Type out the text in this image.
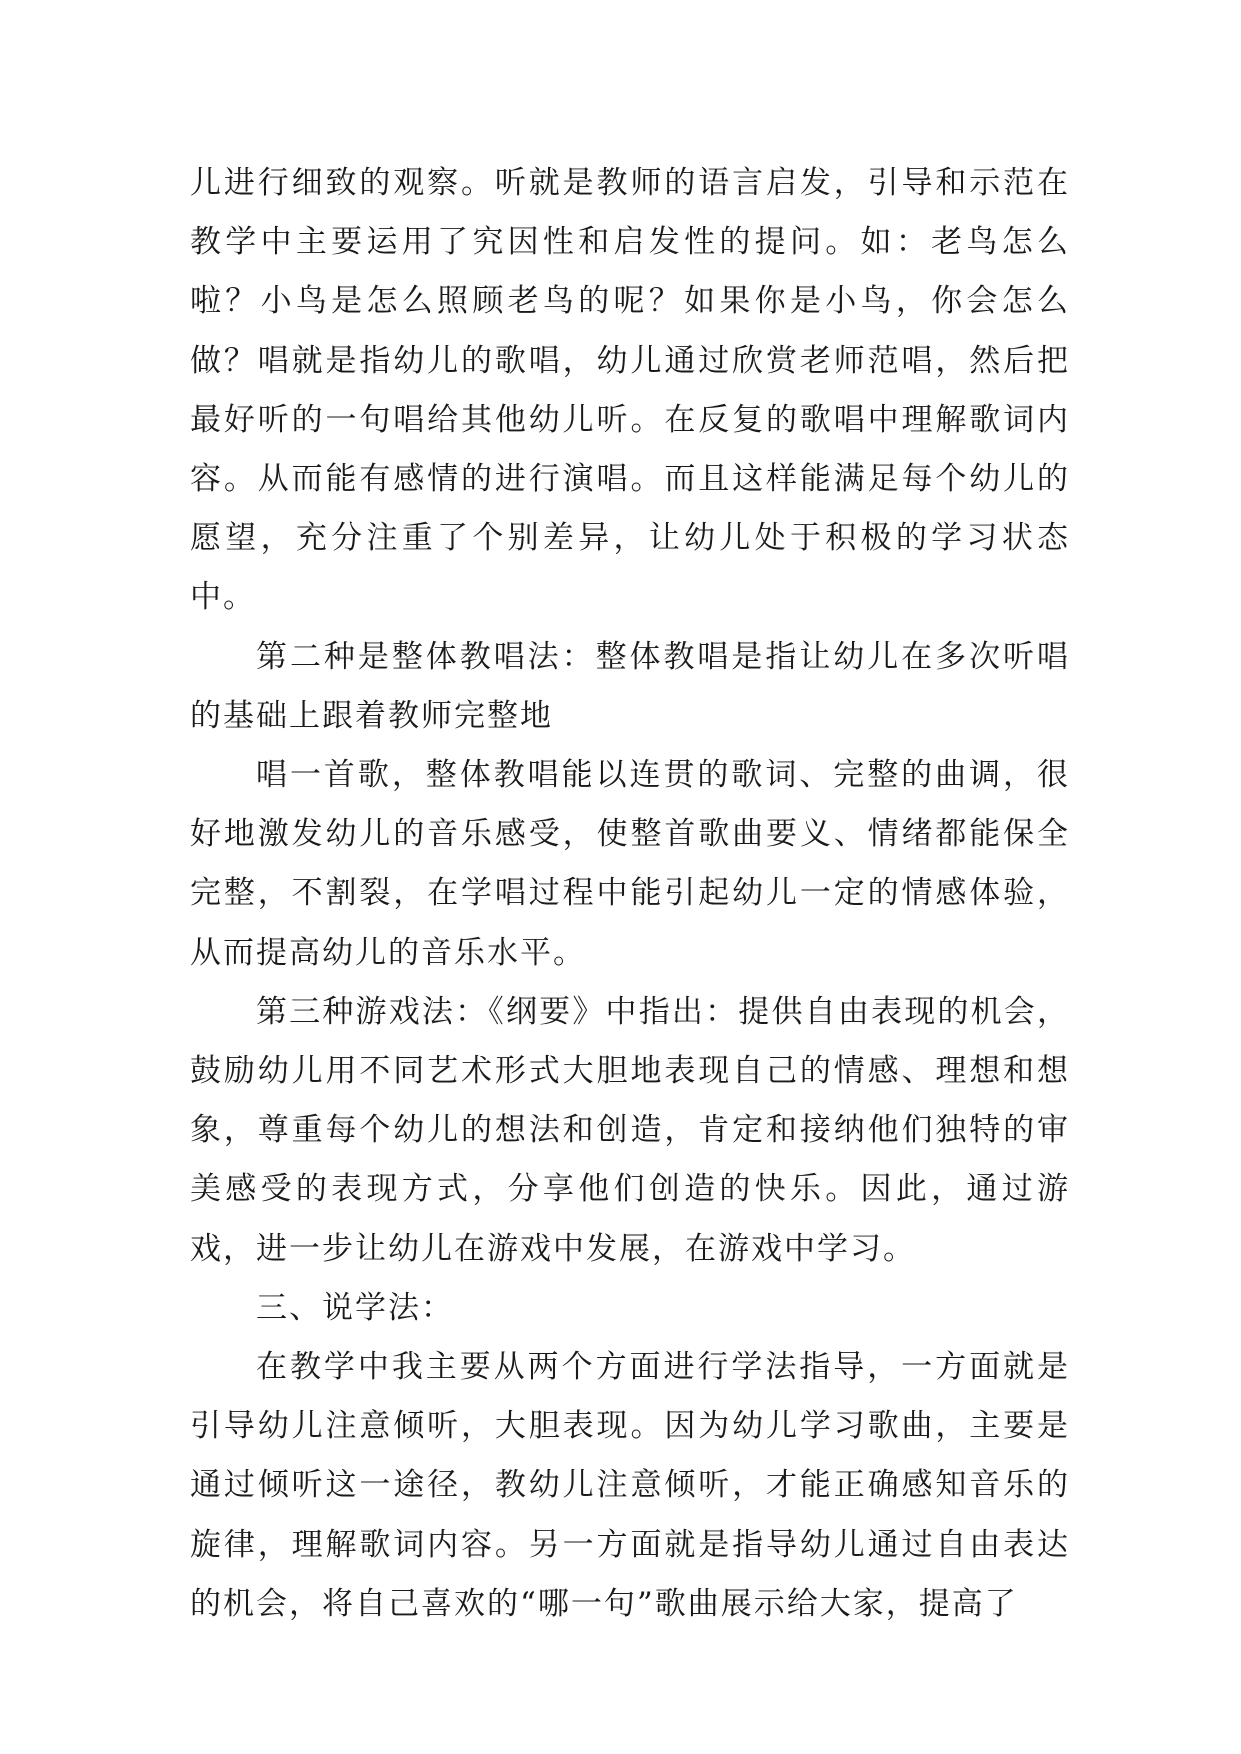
儿进行细致的观察。听就是教师的语言启发，引导和示范在教学中主要运用了究因性和启发性的提问。如：老鸟怎么啦？小鸟是怎么照顾老鸟的呢？如果你是小鸟，你会怎么做？唱就是指幼儿的歌唱，幼儿通过欣赏老师范唱，然后把最好听的一句唱给其他幼儿听。在反复的歌唱中理解歌词内容。从而能有感情的进行演唱。而且这样能满足每个幼儿的愿望，充分注重了个别差异，让幼儿处于积极的学习状态中。

第二种是整体教唱法：整体教唱是指让幼儿在多次听唱的基础上跟着教师完整地

唱一首歌，整体教唱能以连贯的歌词、完整的曲调，很好地激发幼儿的音乐感受，使整首歌曲要义、情绪都能保全完整，不割裂，在学唱过程中能引起幼儿一定的情感体验，从而提高幼儿的音乐水平。

第三种游戏法：《纲要》中指出：提供自由表现的机会，鼓励幼儿用不同艺术形式大胆地表现自己的情感、理想和想象，尊重每个幼儿的想法和创造，肯定和接纳他们独特的审美感受的表现方式，分享他们创造的快乐。因此，通过游戏，进一步让幼儿在游戏中发展，在游戏中学习。

三、说学法：

在教学中我主要从两个方面进行学法指导，一方面就是引导幼儿注意倾听，大胆表现。因为幼儿学习歌曲，主要是通过倾听这一途径，教幼儿注意倾听，才能正确感知音乐的旋律，理解歌词内容。另一方面就是指导幼儿通过自由表达的机会，将自己喜欢的“哪一句”歌曲展示给大家，提高了
